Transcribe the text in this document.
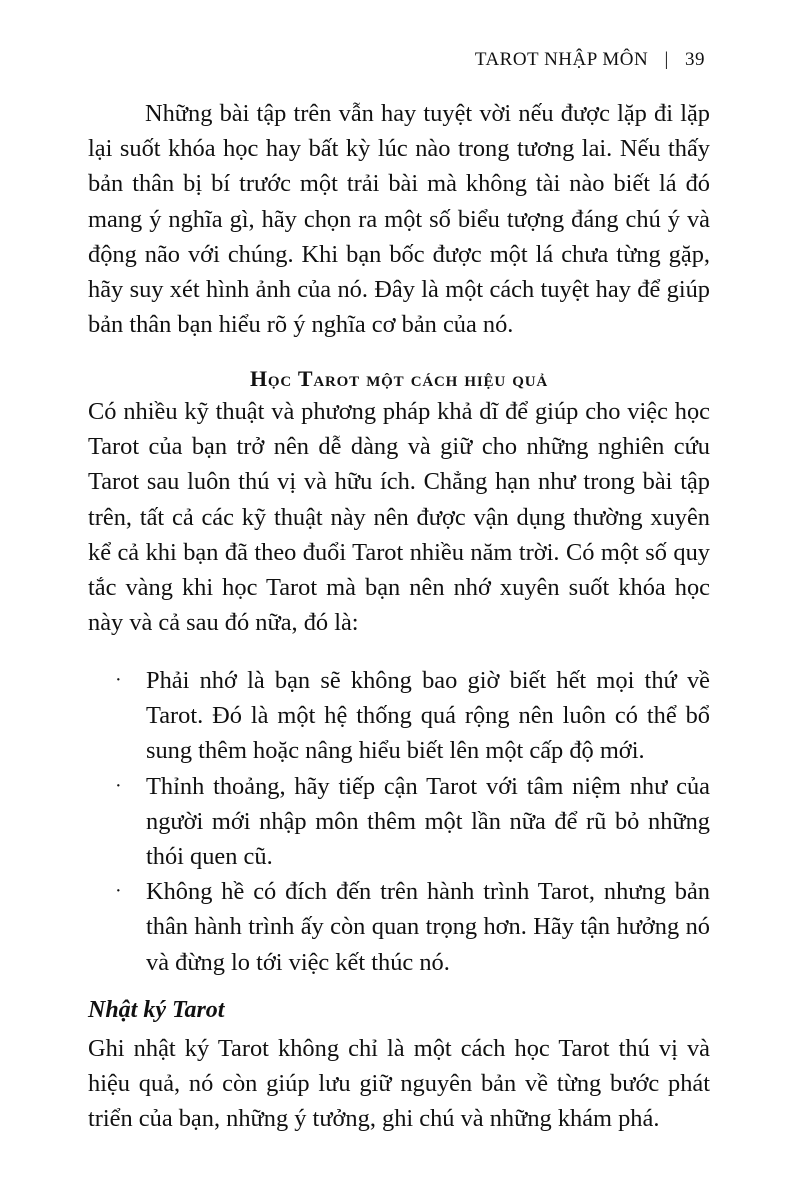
TAROT NHẬP MÔN | 39

Những bài tập trên vẫn hay tuyệt vời nếu được lặp đi lặp lại suốt khóa học hay bất kỳ lúc nào trong tương lai. Nếu thấy bản thân bị bí trước một trải bài mà không tài nào biết lá đó mang ý nghĩa gì, hãy chọn ra một số biểu tượng đáng chú ý và động não với chúng. Khi bạn bốc được một lá chưa từng gặp, hãy suy xét hình ảnh của nó. Đây là một cách tuyệt hay để giúp bản thân bạn hiểu rõ ý nghĩa cơ bản của nó.

Học Tarot một cách hiệu quả

Có nhiều kỹ thuật và phương pháp khả dĩ để giúp cho việc học Tarot của bạn trở nên dễ dàng và giữ cho những nghiên cứu Tarot sau luôn thú vị và hữu ích. Chẳng hạn như trong bài tập trên, tất cả các kỹ thuật này nên được vận dụng thường xuyên kể cả khi bạn đã theo đuổi Tarot nhiều năm trời. Có một số quy tắc vàng khi học Tarot mà bạn nên nhớ xuyên suốt khóa học này và cả sau đó nữa, đó là:

· Phải nhớ là bạn sẽ không bao giờ biết hết mọi thứ về Tarot. Đó là một hệ thống quá rộng nên luôn có thể bổ sung thêm hoặc nâng hiểu biết lên một cấp độ mới.
· Thỉnh thoảng, hãy tiếp cận Tarot với tâm niệm như của người mới nhập môn thêm một lần nữa để rũ bỏ những thói quen cũ.
· Không hề có đích đến trên hành trình Tarot, nhưng bản thân hành trình ấy còn quan trọng hơn. Hãy tận hưởng nó và đừng lo tới việc kết thúc nó.
Nhật ký Tarot

Ghi nhật ký Tarot không chỉ là một cách học Tarot thú vị và hiệu quả, nó còn giúp lưu giữ nguyên bản về từng bước phát triển của bạn, những ý tưởng, ghi chú và những khám phá.
